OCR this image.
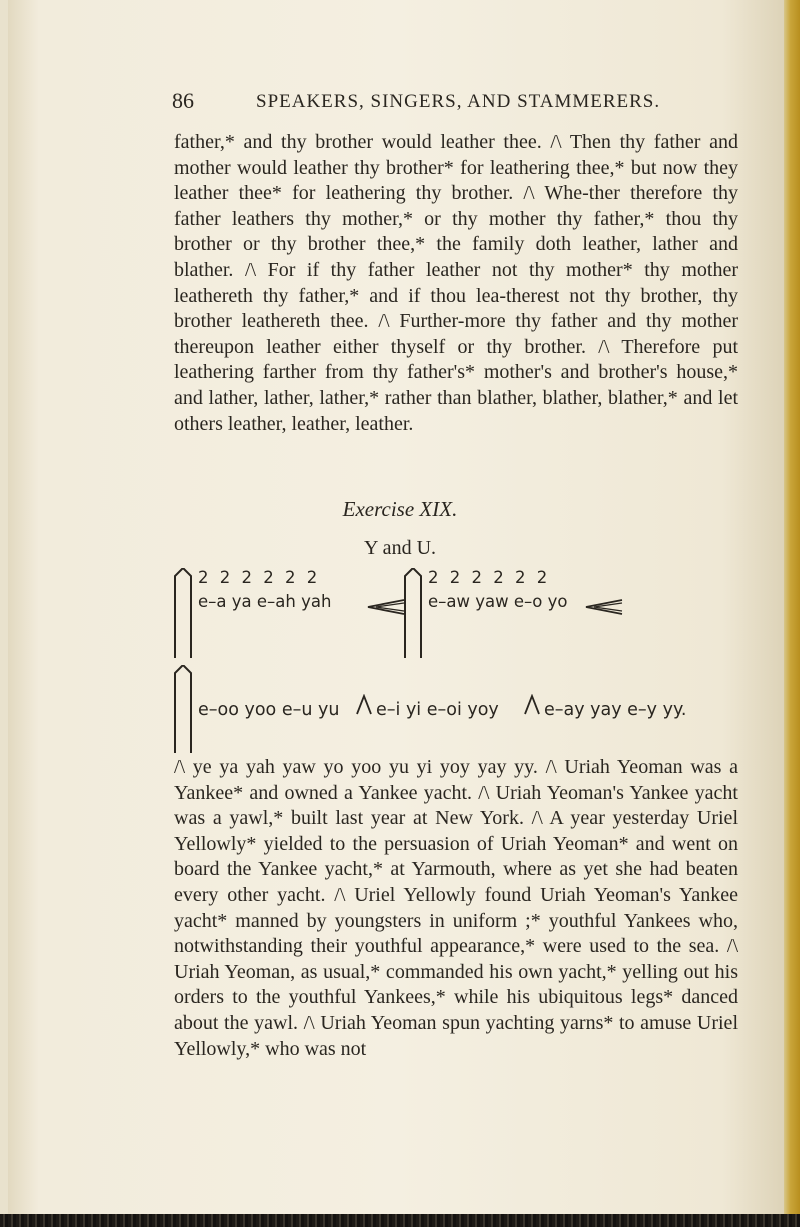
86	SPEAKERS, SINGERS, AND STAMMERERS.
father,* and thy brother would leather thee. /\ Then thy father and mother would leather thy brother* for leathering thee,* but now they leather thee* for leathering thy brother. /\ Whe-ther therefore thy father leathers thy mother,* or thy mother thy father,* thou thy brother or thy brother thee,* the family doth leather, lather and blather. /\ For if thy father leather not thy mother* thy mother leathereth thy father,* and if thou lea-therest not thy brother, thy brother leathereth thee. /\ Further-more thy father and thy mother thereupon leather either thyself or thy brother. /\ Therefore put leathering farther from thy father's* mother's and brother's house,* and lather, lather, lather,* rather than blather, blather, blather,* and let others leather, leather, leather.
Exercise XIX.
Y and U.
2 2 2 2 2 2
e–a ya e–ah yah
2 2 2 2 2 2
e–aw yaw e–o yo
e–oo yoo e–u yu e–i yi e–oi yoy	e–ay yay e–y yy.
/\ ye ya yah yaw yo yoo yu yi yoy yay yy. /\ Uriah Yeoman was a Yankee* and owned a Yankee yacht. /\ Uriah Yeoman's Yankee yacht was a yawl,* built last year at New York. /\ A year yesterday Uriel Yellowly* yielded to the persuasion of Uriah Yeoman* and went on board the Yankee yacht,* at Yarmouth, where as yet she had beaten every other yacht. /\ Uriel Yellowly found Uriah Yeoman's Yankee yacht* manned by youngsters in uniform ;* youthful Yankees who, notwithstanding their youthful appearance,* were used to the sea. /\ Uriah Yeoman, as usual,* commanded his own yacht,* yelling out his orders to the youthful Yankees,* while his ubiquitous legs* danced about the yawl. /\ Uriah Yeoman spun yachting yarns* to amuse Uriel Yellowly,* who was not
